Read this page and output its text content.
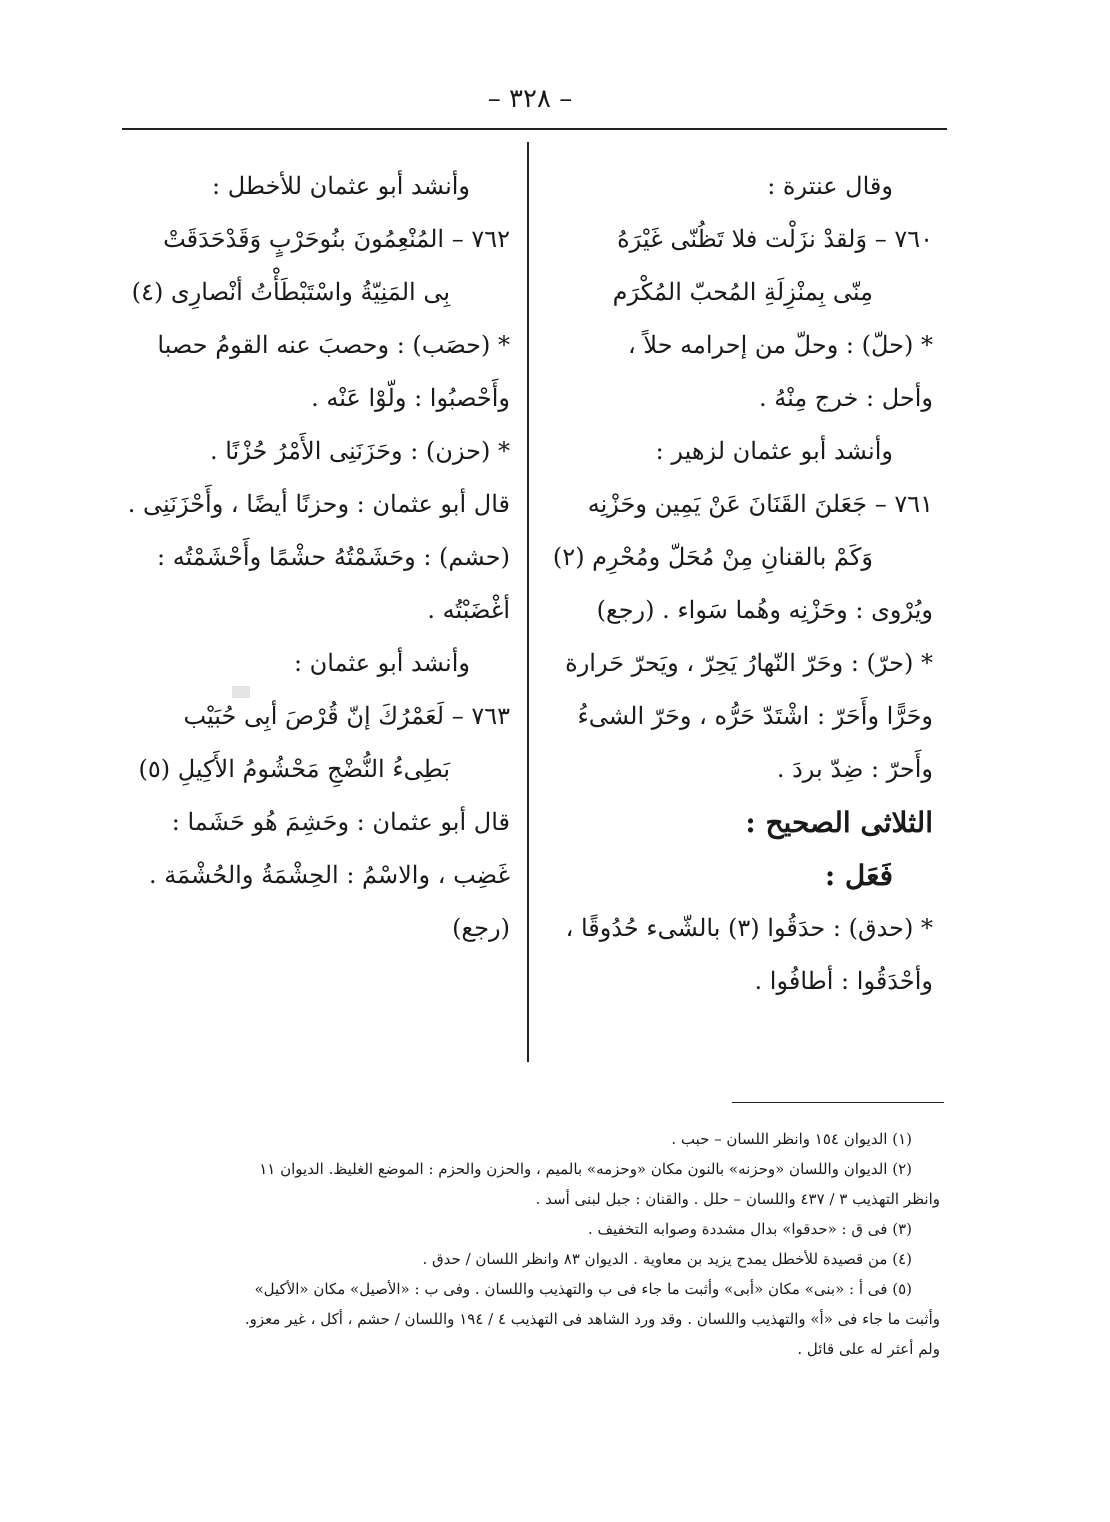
– ٣٢٨ –
وقال عنترة :
٧٦٠ – وَلقدْ نزَلْت فلا تَظُنّى غَيْرَهُ
مِنّى بِمنْزِلَةِ المُحبّ المُكْرَم
* (حلّ) : وحلّ من إحرامه حلاً ،
وأحل : خرج مِنْهُ .
وأنشد أبو عثمان لزهير :
٧٦١ – جَعَلنَ القَنَانَ عَنْ يَمِين وحَزْنِه
وَكَمْ بالقنانِ مِنْ مُحَلّ ومُحْرِم (٢)
ويُرْوى : وحَزْنِه وهُما سَواء . (رجع)
* (حرّ) : وحَرّ النّهارُ يَحِرّ ، ويَحرّ حَرارة
وحَرًّا وأَحَرّ : اشْتَدّ حَرُّه ، وحَرّ الشىءُ
وأَحرّ : ضِدّ بردَ .
الثلاثى الصحيح :
فَعَل :
* (حدق) : حدَقُوا (٣) بالشّىء حُدُوقًا ،
وأحْدَقُوا : أطافُوا .
وأنشد أبو عثمان للأخطل :
٧٦٢ – المُنْعِمُونَ بنُوحَرْبٍ وَقَدْحَدَقَتْ
بِى المَنِيّةُ واسْتَبْطَأْتُ أنْصارِى (٤)
* (حصَب) : وحصبَ عنه القومُ حصبا
وأَحْصبُوا : ولّوْا عَنْه .
* (حزن) : وحَزَنَنِى الأَمْرُ حُزْنًا .
قال أبو عثمان : وحزنًا أيضًا ، وأَحْزَنَنِى .
(حشم) : وحَشَمْتُهُ حشْمًا وأَحْشَمْتُه :
أغْضَبْتُه .
وأنشد أبو عثمان :
٧٦٣ – لَعَمْرُكَ إنّ قُرْصَ أبِى حُبَيْب
بَطِىءُ النُّضْجِ مَحْشُومُ الأَكِيلِ (٥)
قال أبو عثمان : وحَشِمَ هُو حَشَما :
غَضِب ، والاسْمُ : الحِشْمَةُ والحُشْمَة .
(رجع)
(١) الديوان ١٥٤ وانظر اللسان – حبب .
(٢) الديوان واللسان «وحزنه» بالنون مكان «وحزمه» بالميم ، والحزن والحزم : الموضع الغليظ. الديوان ١١
وانظر التهذيب ٣ / ٤٣٧ واللسان – حلل . والقنان : جبل لبنى أسد .
(٣) فى ق : «حدقوا» بدال مشددة وصوابه التخفيف .
(٤) من قصيدة للأخطل يمدح يزيد بن معاوية . الديوان ٨٣ وانظر اللسان / حدق .
(٥) فى أ : «بنى» مكان «أبى» وأثبت ما جاء فى ب والتهذيب واللسان . وفى ب : «الأصيل» مكان «الأكيل»
وأثبت ما جاء فى «أ» والتهذيب واللسان . وقد ورد الشاهد فى التهذيب ٤ / ١٩٤ واللسان / حشم ، أكل ، غير معزو.
ولم أعثر له على قائل .
